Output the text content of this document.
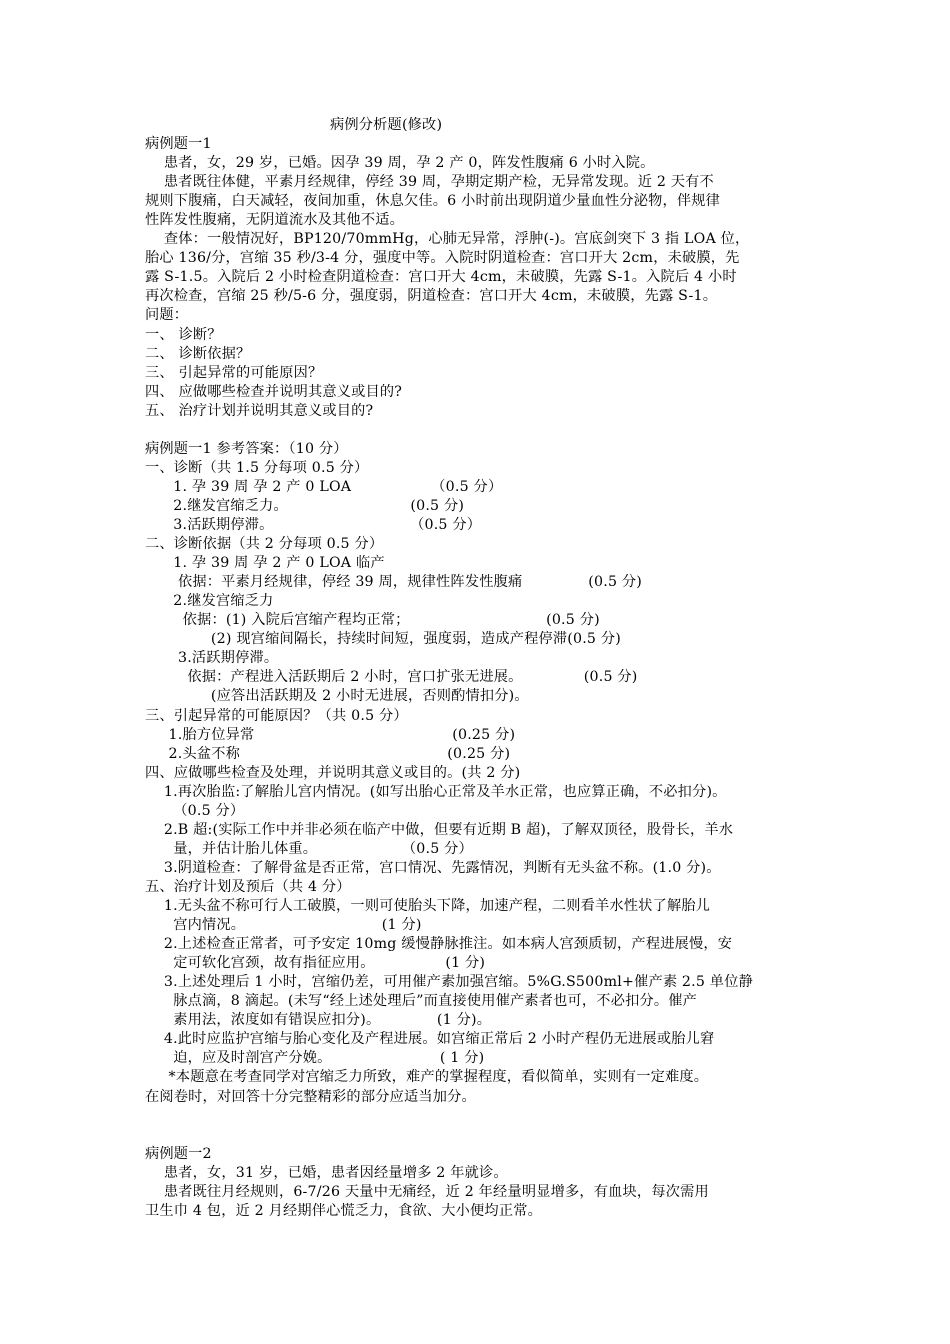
病例分析题(修改)
病例题一1
患者，女，29 岁，已婚。因孕 39 周，孕 2 产 0，阵发性腹痛 6 小时入院。
患者既往体健，平素月经规律，停经 39 周，孕期定期产检，无异常发现。近 2 天有不
规则下腹痛，白天减轻，夜间加重，休息欠佳。6 小时前出现阴道少量血性分泌物，伴规律
性阵发性腹痛，无阴道流水及其他不适。
查体：一般情况好，BP120/70mmHg，心肺无异常，浮肿(-)。宫底剑突下 3 指 LOA 位，
胎心 136/分，宫缩 35 秒/3-4 分，强度中等。入院时阴道检查：宫口开大 2cm，未破膜，先
露 S-1.5。入院后 2 小时检查阴道检查：宫口开大 4cm，未破膜，先露 S-1。入院后 4 小时
再次检查，宫缩 25 秒/5-6 分，强度弱，阴道检查：宫口开大 4cm，未破膜，先露 S-1。
问题：
一、 诊断？
二、 诊断依据？
三、 引起异常的可能原因？
四、 应做哪些检查并说明其意义或目的?
五、 治疗计划并说明其意义或目的?
病例题一1 参考答案：（10 分）
一、诊断（共 1.5 分每项 0.5 分）
1. 孕 39 周 孕 2 产 0 LOA                 （0.5 分）
2.继发宫缩乏力。                          (0.5 分)
3.活跃期停滞。                             （0.5 分）
二、诊断依据（共 2 分每项 0.5 分）
1. 孕 39 周 孕 2 产 0 LOA 临产
依据：平素月经规律，停经 39 周，规律性阵发性腹痛              (0.5 分)
2.继发宫缩乏力
依据：(1) 入院后宫缩产程均正常；                             (0.5 分)
(2) 现宫缩间隔长，持续时间短，强度弱，造成产程停滞(0.5 分)
3.活跃期停滞。
依据：产程进入活跃期后 2 小时，宫口扩张无进展。             (0.5 分)
(应答出活跃期及 2 小时无进展，否则酌情扣分)。
三、引起异常的可能原因？（共 0.5 分）
1.胎方位异常                                          (0.25 分)
2.头盆不称                                            (0.25 分)
四、应做哪些检查及处理，并说明其意义或目的。(共 2 分)
1.再次胎监:了解胎儿宫内情况。(如写出胎心正常及羊水正常，也应算正确，不必扣分)。
（0.5 分）
2.B 超:(实际工作中并非必须在临产中做，但要有近期 B 超)，了解双顶径，股骨长，羊水
量，并估计胎儿体重。                  （0.5 分）
3.阴道检查：了解骨盆是否正常，宫口情况、先露情况，判断有无头盆不称。(1.0 分)。
五、治疗计划及预后（共 4 分）
1.无头盆不称可行人工破膜，一则可使胎头下降，加速产程，二则看羊水性状了解胎儿
宫内情况。                             (1 分)
2.上述检查正常者，可予安定 10mg 缓慢静脉推注。如本病人宫颈质韧，产程进展慢，安
定可软化宫颈，故有指征应用。               (1 分)
3.上述处理后 1 小时，宫缩仍差，可用催产素加强宫缩。5%G.S500ml+催产素 2.5 单位静
脉点滴，8 滴起。(未写“经上述处理后”而直接使用催产素者也可，不必扣分。催产
素用法，浓度如有错误应扣分)。            (1 分)。
4.此时应监护宫缩与胎心变化及产程进展。如宫缩正常后 2 小时产程仍无进展或胎儿窘
迫，应及时剖宫产分娩。                       ( 1 分)
*本题意在考查同学对宫缩乏力所致，难产的掌握程度，看似简单，实则有一定难度。
在阅卷时，对回答十分完整精彩的部分应适当加分。
病例题一2
患者，女，31 岁，已婚，患者因经量增多 2 年就诊。
患者既往月经规则，6-7/26 天量中无痛经，近 2 年经量明显增多，有血块，每次需用
卫生巾 4 包，近 2 月经期伴心慌乏力，食欲、大小便均正常。
